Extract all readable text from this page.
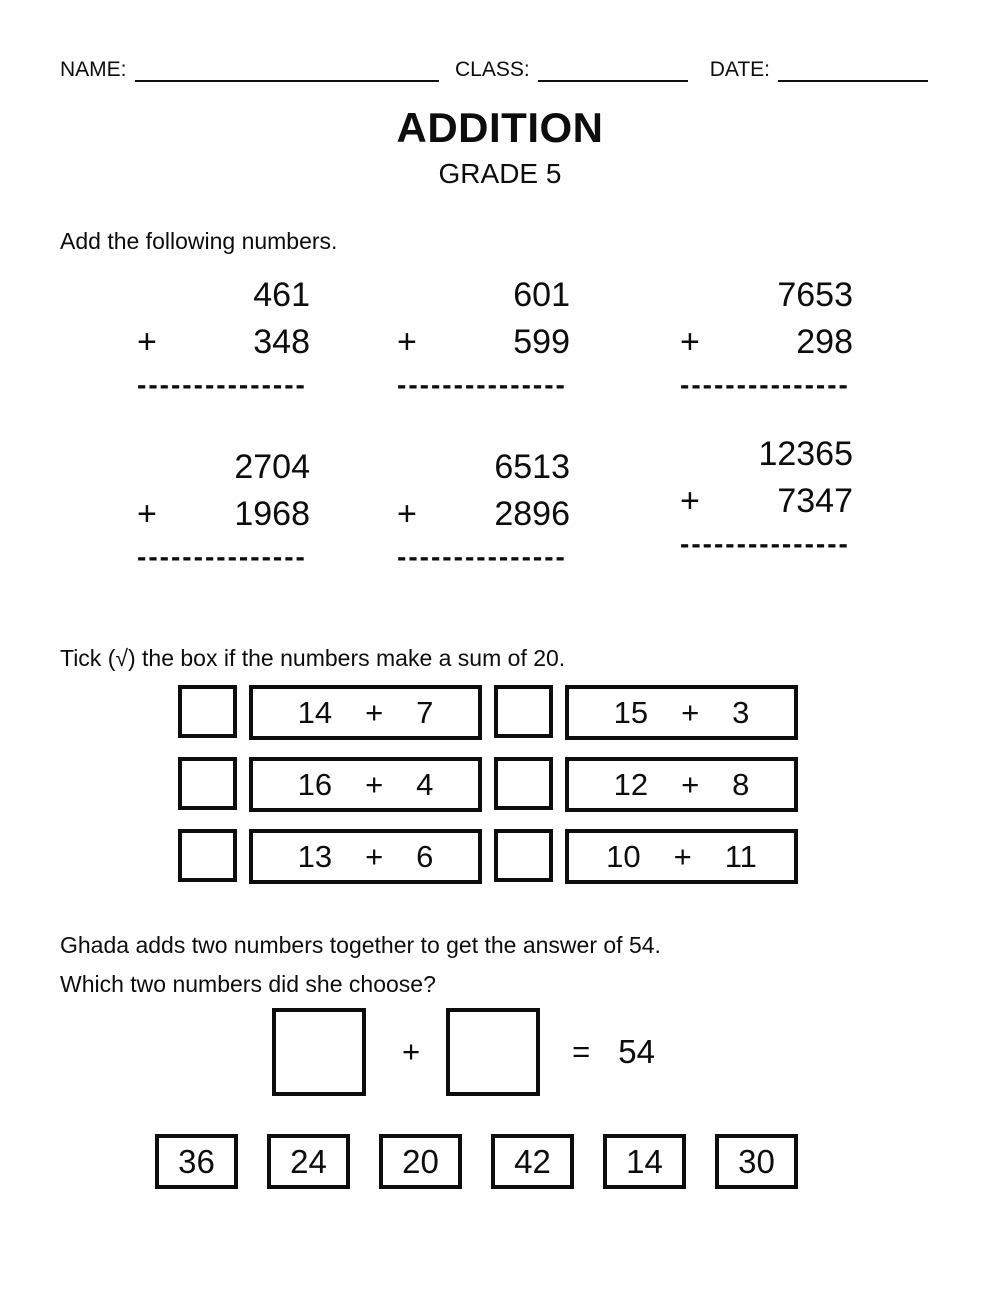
NAME:	CLASS:	DATE:
ADDITION
GRADE 5
Add the following numbers.
461
+	348
---------------
601
+	599
---------------
7653
+	298
---------------
2704
+ 1968
---------------
6513
+ 2896
---------------
12365
+ 7347
---------------
Tick (√) the box if the numbers make a sum of 20.
14 + 7	15 + 3
16 + 4	12 + 8
13 + 6	10 + 11
Ghada adds two numbers together to get the answer of 54.
Which two numbers did she choose?
+	= 54
36 24 20 42 14 30
